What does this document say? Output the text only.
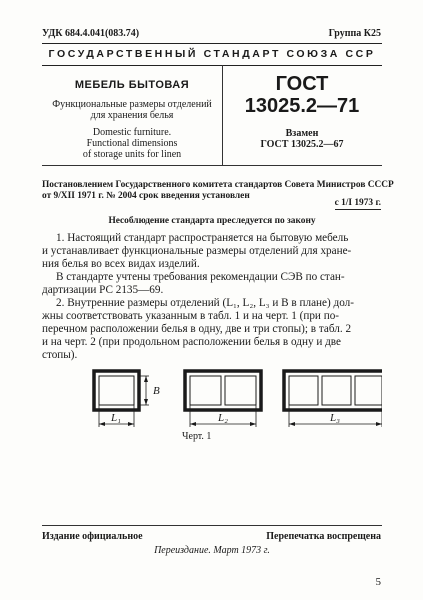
УДК 684.4.041(083.74)	Группа К25
ГОСУДАРСТВЕННЫЙ СТАНДАРТ СОЮЗА ССР
МЕБЕЛЬ БЫТОВАЯ
Функциональные размеры отделений
для хранения белья
Domestic furniture.
Functional dimensions
of storage units for linen
ГОСТ
13025.2—71
Взамен
ГОСТ 13025.2—67
Постановлением Государственного комитета стандартов Совета Министров СССР
от 9/XII 1971 г. № 2004 срок введения установлен
с 1/I 1973 г.
Несоблюдение стандарта преследуется по закону
1. Настоящий стандарт распространяется на бытовую мебель
и устанавливает функциональные размеры отделений для хране-
ния белья во всех видах изделий.
В стандарте учтены требования рекомендации СЭВ по стан-
дартизации РС 2135—69.
2. Внутренние размеры отделений (L₁, L₂, L₃ и B в плане) дол-
жны соответствовать указанным в табл. 1 и на черт. 1 (при по-
перечном расположении белья в одну, две и три стопы); в табл. 2
и на черт. 2 (при продольном расположении белья в одну и две
стопы).
B
L₁	L₂	L₃
Черт. 1
Издание официальное	Перепечатка воспрещена
Переиздание. Март 1973 г.
5
